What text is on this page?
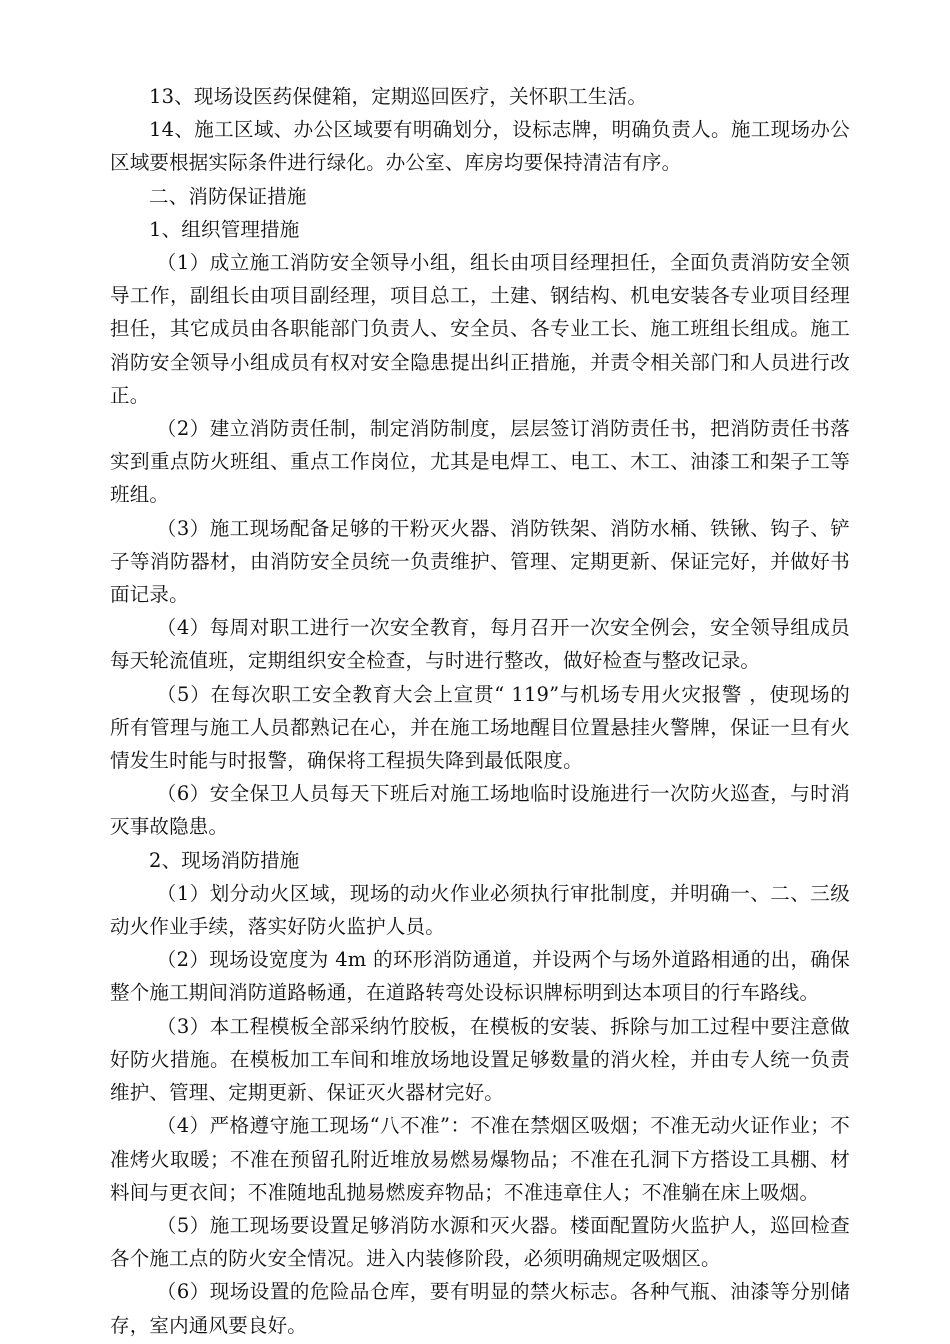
13、现场设医药保健箱，定期巡回医疗，关怀职工生活。

14、施工区域、办公区域要有明确划分，设标志牌，明确负责人。施工现场办公区域要根据实际条件进行绿化。办公室、库房均要保持清洁有序。

二、消防保证措施

1、组织管理措施

（1）成立施工消防安全领导小组，组长由项目经理担任，全面负责消防安全领导工作，副组长由项目副经理，项目总工，土建、钢结构、机电安装各专业项目经理担任，其它成员由各职能部门负责人、安全员、各专业工长、施工班组长组成。施工消防安全领导小组成员有权对安全隐患提出纠正措施，并责令相关部门和人员进行改正。

（2）建立消防责任制，制定消防制度，层层签订消防责任书，把消防责任书落实到重点防火班组、重点工作岗位，尤其是电焊工、电工、木工、油漆工和架子工等班组。

（3）施工现场配备足够的干粉灭火器、消防铁架、消防水桶、铁锹、钩子、铲子等消防器材，由消防安全员统一负责维护、管理、定期更新、保证完好，并做好书面记录。

（4）每周对职工进行一次安全教育，每月召开一次安全例会，安全领导组成员每天轮流值班，定期组织安全检查，与时进行整改，做好检查与整改记录。

（5）在每次职工安全教育大会上宣贯“ 119”与机场专用火灾报警 ，使现场的所有管理与施工人员都熟记在心，并在施工场地醒目位置悬挂火警牌，保证一旦有火情发生时能与时报警，确保将工程损失降到最低限度。

（6）安全保卫人员每天下班后对施工场地临时设施进行一次防火巡查，与时消灭事故隐患。

2、现场消防措施

（1）划分动火区域，现场的动火作业必须执行审批制度，并明确一、二、三级动火作业手续，落实好防火监护人员。

（2）现场设宽度为 4m 的环形消防通道，并设两个与场外道路相通的出，确保整个施工期间消防道路畅通，在道路转弯处设标识牌标明到达本项目的行车路线。

（3）本工程模板全部采纳竹胶板，在模板的安装、拆除与加工过程中要注意做好防火措施。在模板加工车间和堆放场地设置足够数量的消火栓，并由专人统一负责维护、管理、定期更新、保证灭火器材完好。

（4）严格遵守施工现场“八不准”：不准在禁烟区吸烟；不准无动火证作业；不准烤火取暖；不准在预留孔附近堆放易燃易爆物品；不准在孔洞下方搭设工具棚、材料间与更衣间；不准随地乱抛易燃废弃物品；不准违章住人；不准躺在床上吸烟。

（5）施工现场要设置足够消防水源和灭火器。楼面配置防火监护人，巡回检查各个施工点的防火安全情况。进入内装修阶段，必须明确规定吸烟区。

（6）现场设置的危险品仓库，要有明显的禁火标志。各种气瓶、油漆等分别储存，室内通风要良好。
